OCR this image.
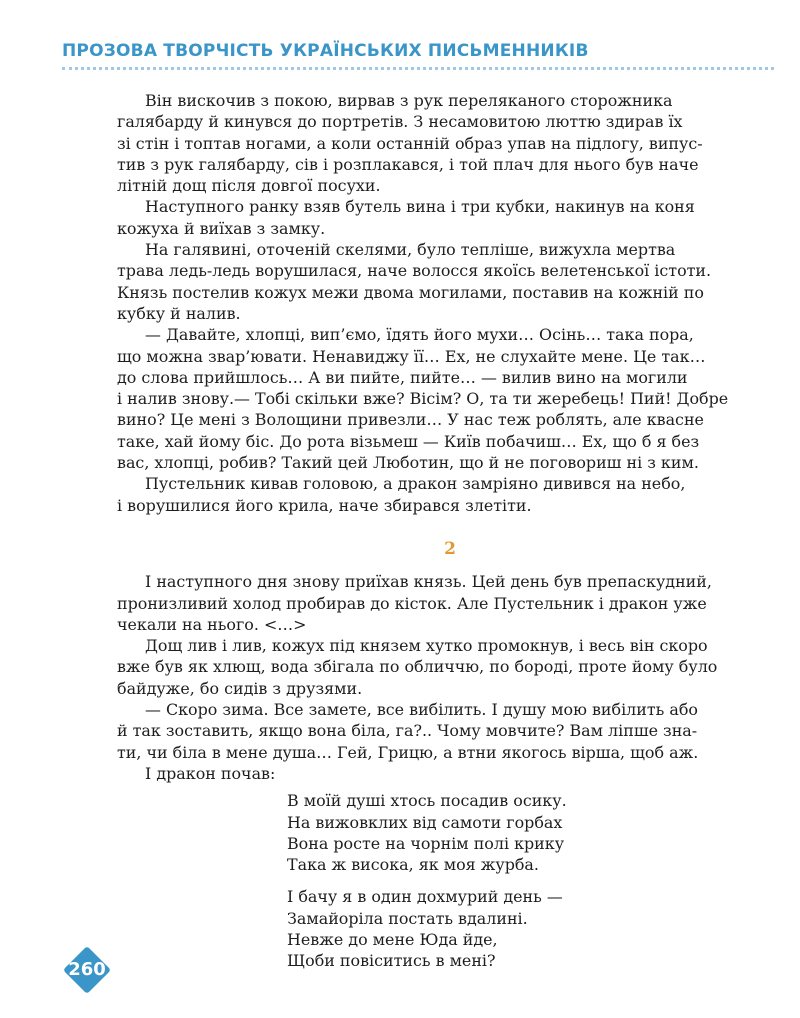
ПРОЗОВА ТВОРЧІСТЬ УКРАЇНСЬКИХ ПИСЬМЕННИКІВ

Він вискочив з покою, вирвав з рук переляканого сторожника

галябарду й кинувся до портретів. З несамовитою люттю здирав їх

зі стін і топтав ногами, а коли останній образ упав на підлогу, випус-

тив з рук галябарду, сів і розплакався, і той плач для нього був наче

літній дощ після довгої посухи.

Наступного ранку взяв бутель вина і три кубки, накинув на коня

кожуха й виїхав з замку.

На галявині, оточеній скелями, було тепліше, вижухла мертва

трава ледь-ледь ворушилася, наче волосся якоїсь велетенської істоти.

Князь постелив кожух межи двома могилами, поставив на кожній по

кубку й налив.

— Давайте, хлопці, вип’ємо, їдять його мухи… Осінь… така пора,

що можна звар’ювати. Ненавиджу її… Ех, не слухайте мене. Це так…

до слова прийшлось… А ви пийте, пийте… — вилив вино на могили

і налив знову.— Тобі скільки вже? Вісім? О, та ти жеребець! Пий! Добре

вино? Це мені з Волощини привезли… У нас теж роблять, але квасне

таке, хай йому біс. До рота візьмеш — Київ побачиш… Ех, що б я без

вас, хлопці, робив? Такий цей Люботин, що й не поговориш ні з ким.

Пустельник кивав головою, а дракон замріяно дивився на небо,

і ворушилися його крила, наче збирався злетіти.

2

І наступного дня знову приїхав князь. Цей день був препаскудний,

пронизливий холод пробирав до кісток. Але Пустельник і дракон уже

чекали на нього. <…>

Дощ лив і лив, кожух під князем хутко промокнув, і весь він скоро

вже був як хлющ, вода збігала по обличчю, по бороді, проте йому було

байдуже, бо сидів з друзями.

— Скоро зима. Все замете, все вибілить. І душу мою вибілить або

й так зоставить, якщо вона біла, га?.. Чому мовчите? Вам ліпше зна-

ти, чи біла в мене душа… Гей, Грицю, а втни якогось вірша, щоб аж.

І дракон почав:

В моїй душі хтось посадив осику.
На вижовклих від самоти горбах
Вона росте на чорнім полі крику
Така ж висока, як моя журба.
І бачу я в один дохмурий день —
Замайоріла постать вдалині.
Невже до мене Юда йде,
Щоби повіситись в мені?
260
